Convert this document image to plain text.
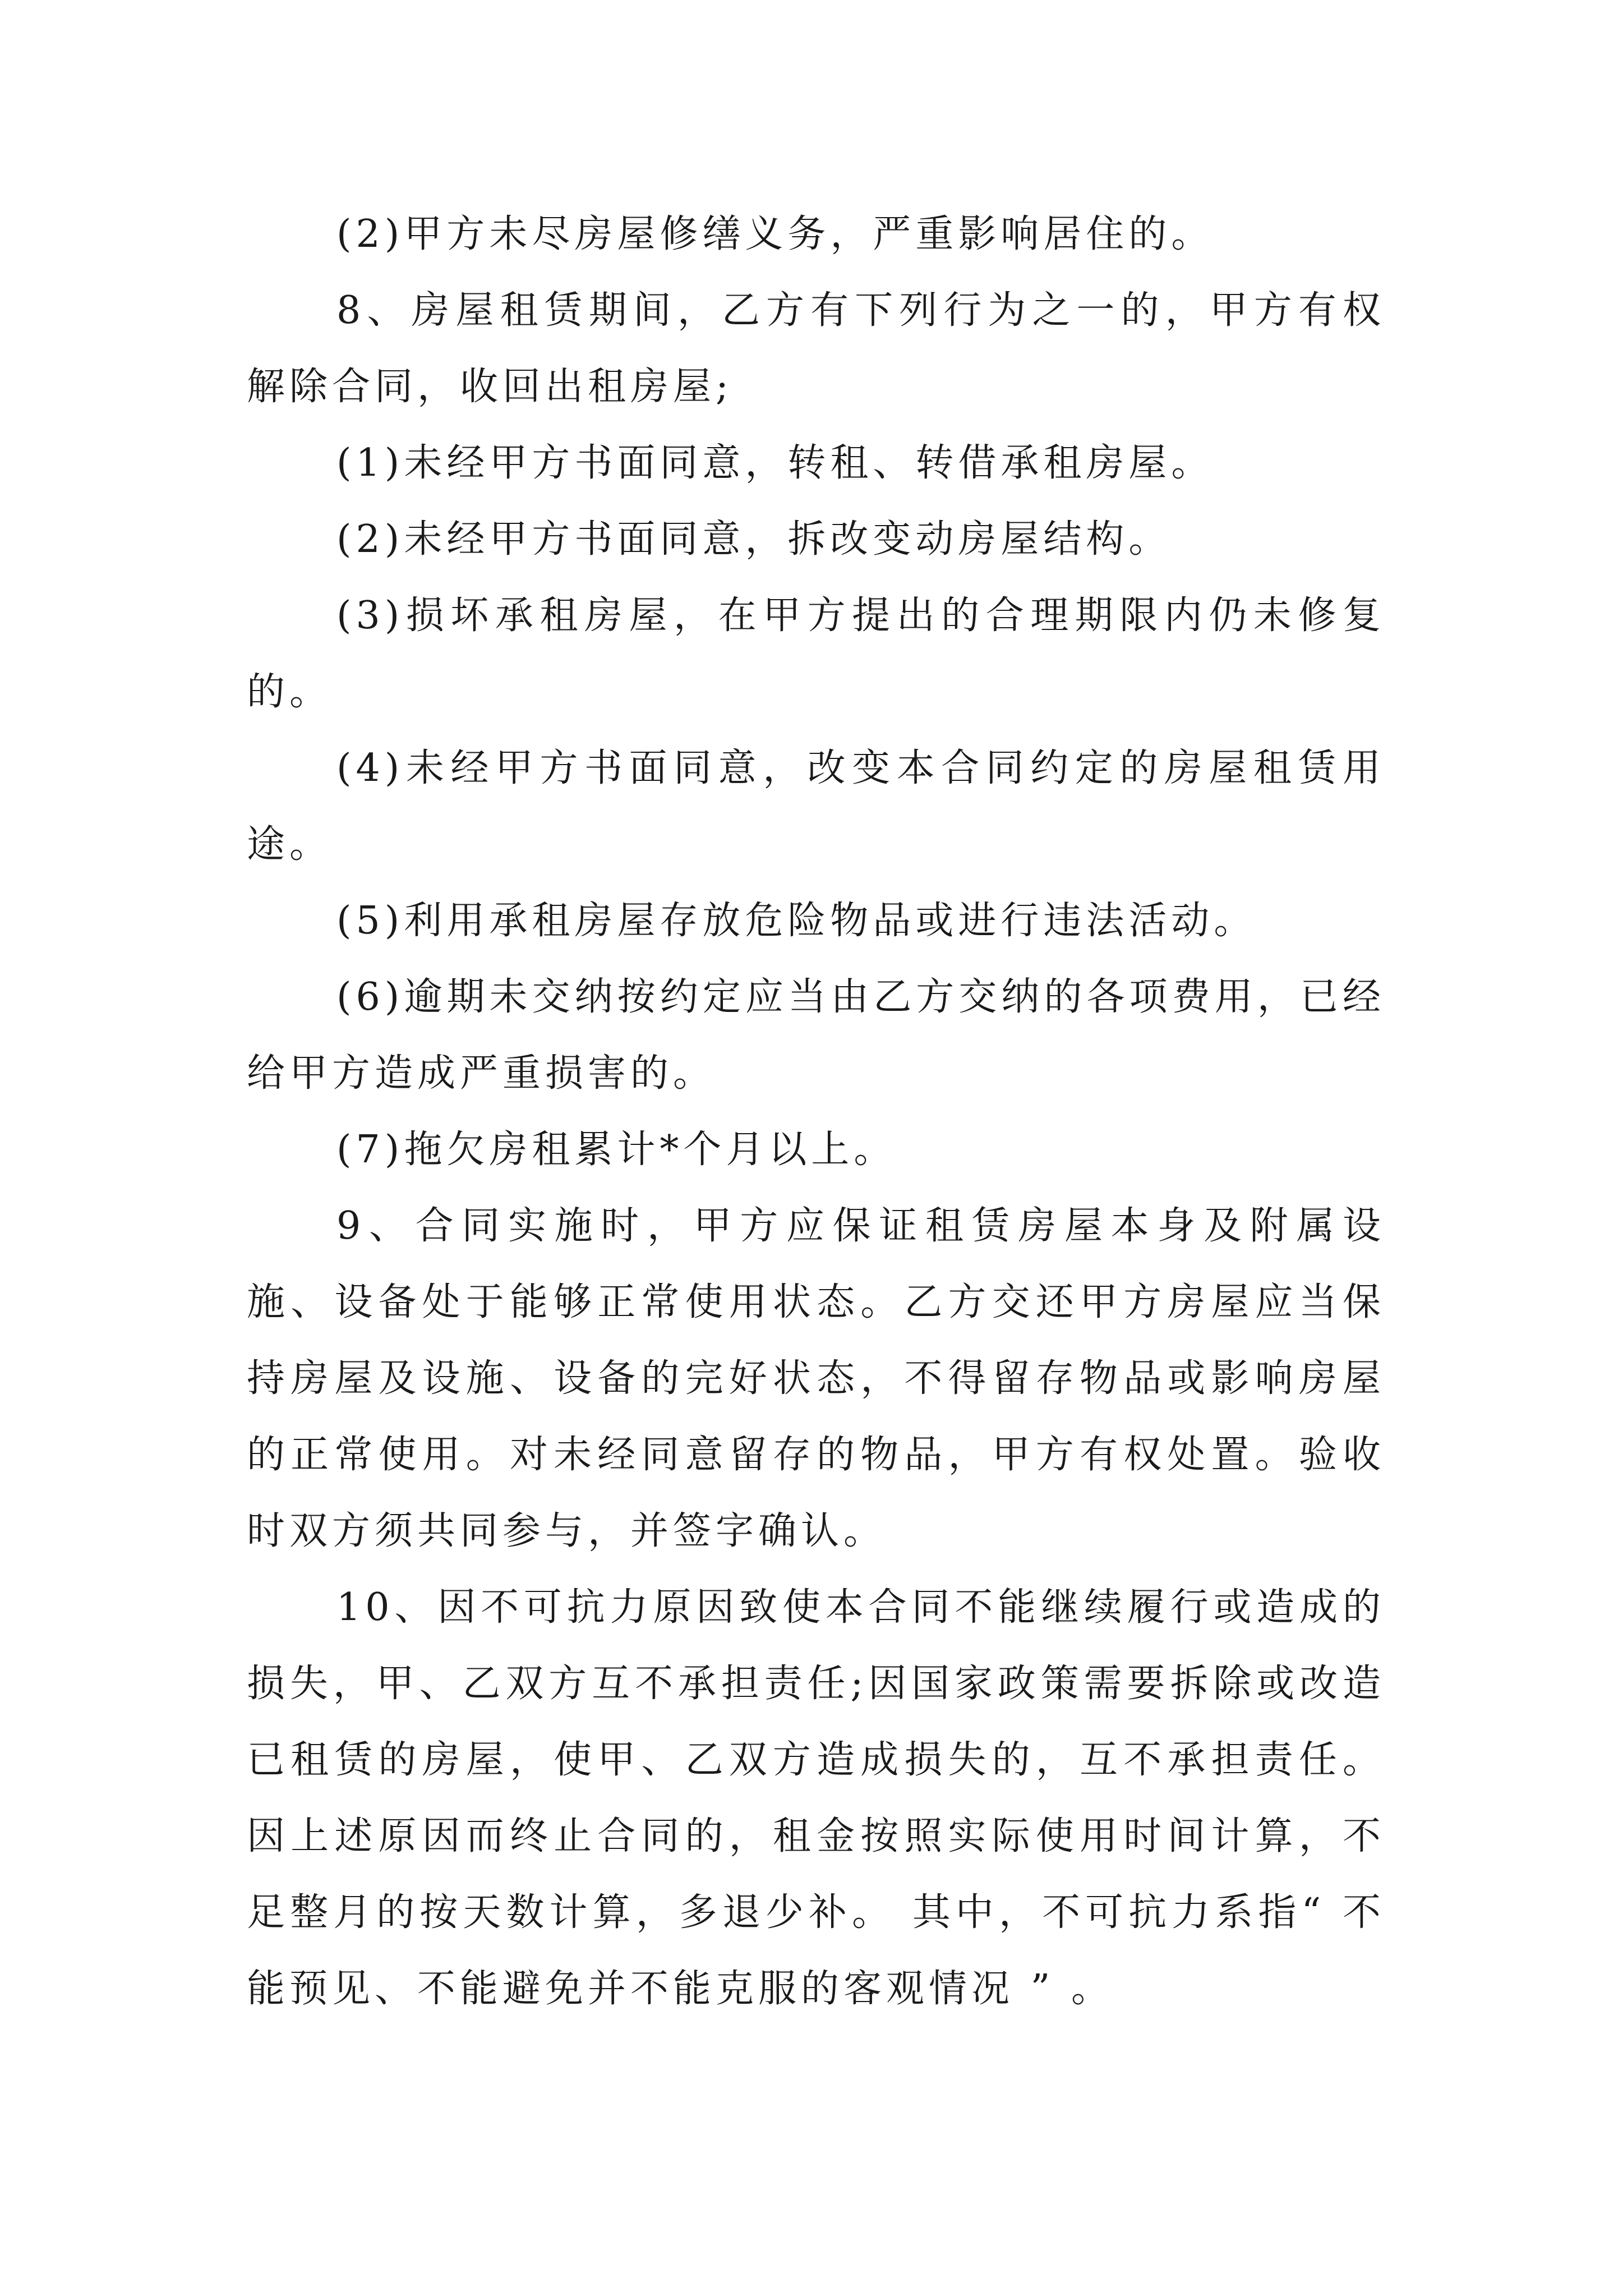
(2)甲方未尽房屋修缮义务，严重影响居住的。

8、房屋租赁期间，乙方有下列行为之一的，甲方有权解除合同，收回出租房屋;

(1)未经甲方书面同意，转租、转借承租房屋。

(2)未经甲方书面同意，拆改变动房屋结构。

(3)损坏承租房屋，在甲方提出的合理期限内仍未修复的。

(4)未经甲方书面同意，改变本合同约定的房屋租赁用途。

(5)利用承租房屋存放危险物品或进行违法活动。

(6)逾期未交纳按约定应当由乙方交纳的各项费用，已经给甲方造成严重损害的。

(7)拖欠房租累计*个月以上。

9、合同实施时，甲方应保证租赁房屋本身及附属设施、设备处于能够正常使用状态。乙方交还甲方房屋应当保持房屋及设施、设备的完好状态，不得留存物品或影响房屋的正常使用。对未经同意留存的物品，甲方有权处置。验收时双方须共同参与，并签字确认。

10、因不可抗力原因致使本合同不能继续履行或造成的损失，甲、乙双方互不承担责任;因国家政策需要拆除或改造已租赁的房屋，使甲、乙双方造成损失的，互不承担责任。因上述原因而终止合同的，租金按照实际使用时间计算，不足整月的按天数计算，多退少补。 其中，不可抗力系指“ 不能预见、不能避免并不能克服的客观情况 ” 。
